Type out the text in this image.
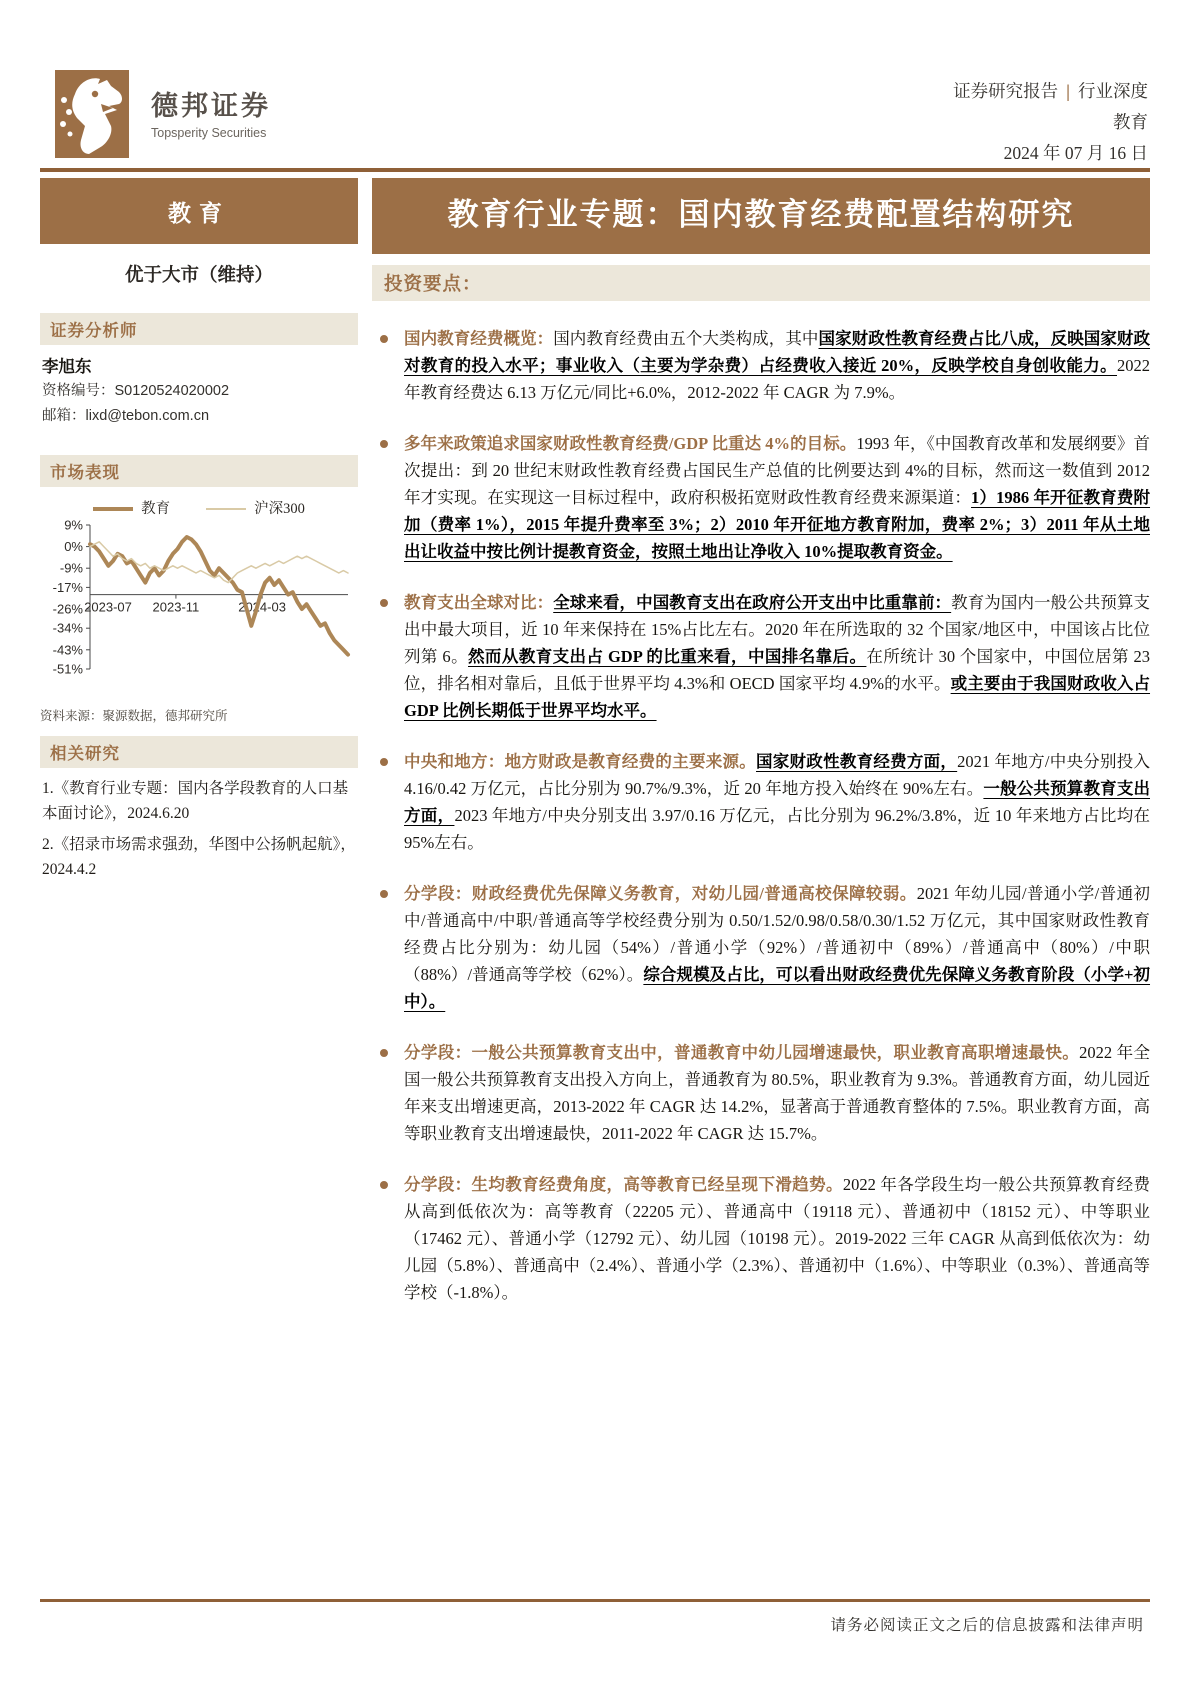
德邦证券
Topsperity Securities
证券研究报告 | 行业深度
教育
2024 年 07 月 16 日
教育
优于大市（维持）
证券分析师
李旭东
资格编号：S0120524020002
邮箱：lixd@tebon.com.cn
市场表现
教育	沪深300
9%
0%
-9%
-17%
-26%
-34%
-43%
-51%
2023-07 2023-11	2024-03
资料来源：聚源数据，德邦研究所
相关研究
1.《教育行业专题：国内各学段教育的人口基本面讨论》，2024.6.20
2.《招录市场需求强劲，华图中公扬帆起航》，2024.4.2
教育行业专题：国内教育经费配置结构研究
投资要点：
国内教育经费概览：国内教育经费由五个大类构成，其中国家财政性教育经费占比八成，反映国家财政对教育的投入水平；事业收入（主要为学杂费）占经费收入接近 20%，反映学校自身创收能力。2022 年教育经费达 6.13 万亿元/同比+6.0%，2012-2022 年 CAGR 为 7.9%。
多年来政策追求国家财政性教育经费/GDP 比重达 4%的目标。1993 年，《中国教育改革和发展纲要》首次提出：到 20 世纪末财政性教育经费占国民生产总值的比例要达到 4%的目标，然而这一数值到 2012 年才实现。在实现这一目标过程中，政府积极拓宽财政性教育经费来源渠道：1）1986 年开征教育费附加（费率 1%），2015 年提升费率至 3%；2）2010 年开征地方教育附加，费率 2%；3）2011 年从土地出让收益中按比例计提教育资金，按照土地出让净收入 10%提取教育资金。
教育支出全球对比：全球来看，中国教育支出在政府公开支出中比重靠前：教育为国内一般公共预算支出中最大项目，近 10 年来保持在 15%占比左右。2020 年在所选取的 32 个国家/地区中，中国该占比位列第 6。然而从教育支出占 GDP 的比重来看，中国排名靠后。在所统计 30 个国家中，中国位居第 23 位，排名相对靠后，且低于世界平均 4.3%和 OECD 国家平均 4.9%的水平。或主要由于我国财政收入占 GDP 比例长期低于世界平均水平。
中央和地方：地方财政是教育经费的主要来源。国家财政性教育经费方面，2021 年地方/中央分别投入 4.16/0.42 万亿元，占比分别为 90.7%/9.3%，近 20 年地方投入始终在 90%左右。一般公共预算教育支出方面，2023 年地方/中央分别支出 3.97/0.16 万亿元，占比分别为 96.2%/3.8%，近 10 年来地方占比均在 95%左右。
分学段：财政经费优先保障义务教育，对幼儿园/普通高校保障较弱。2021 年幼儿园/普通小学/普通初中/普通高中/中职/普通高等学校经费分别为 0.50/1.52/0.98/0.58/0.30/1.52 万亿元，其中国家财政性教育经费占比分别为：幼儿园（54%）/普通小学（92%）/普通初中（89%）/普通高中（80%）/中职（88%）/普通高等学校（62%）。综合规模及占比，可以看出财政经费优先保障义务教育阶段（小学+初中）。
分学段：一般公共预算教育支出中，普通教育中幼儿园增速最快，职业教育高职增速最快。2022 年全国一般公共预算教育支出投入方向上，普通教育为 80.5%，职业教育为 9.3%。普通教育方面，幼儿园近年来支出增速更高，2013-2022 年 CAGR 达 14.2%，显著高于普通教育整体的 7.5%。职业教育方面，高等职业教育支出增速最快，2011-2022 年 CAGR 达 15.7%。
分学段：生均教育经费角度，高等教育已经呈现下滑趋势。2022 年各学段生均一般公共预算教育经费从高到低依次为：高等教育（22205 元）、普通高中（19118 元）、普通初中（18152 元）、中等职业（17462 元）、普通小学（12792 元）、幼儿园（10198 元）。2019-2022 三年 CAGR 从高到低依次为：幼儿园（5.8%）、普通高中（2.4%）、普通小学（2.3%）、普通初中（1.6%）、中等职业（0.3%）、普通高等学校（-1.8%）。
请务必阅读正文之后的信息披露和法律声明
